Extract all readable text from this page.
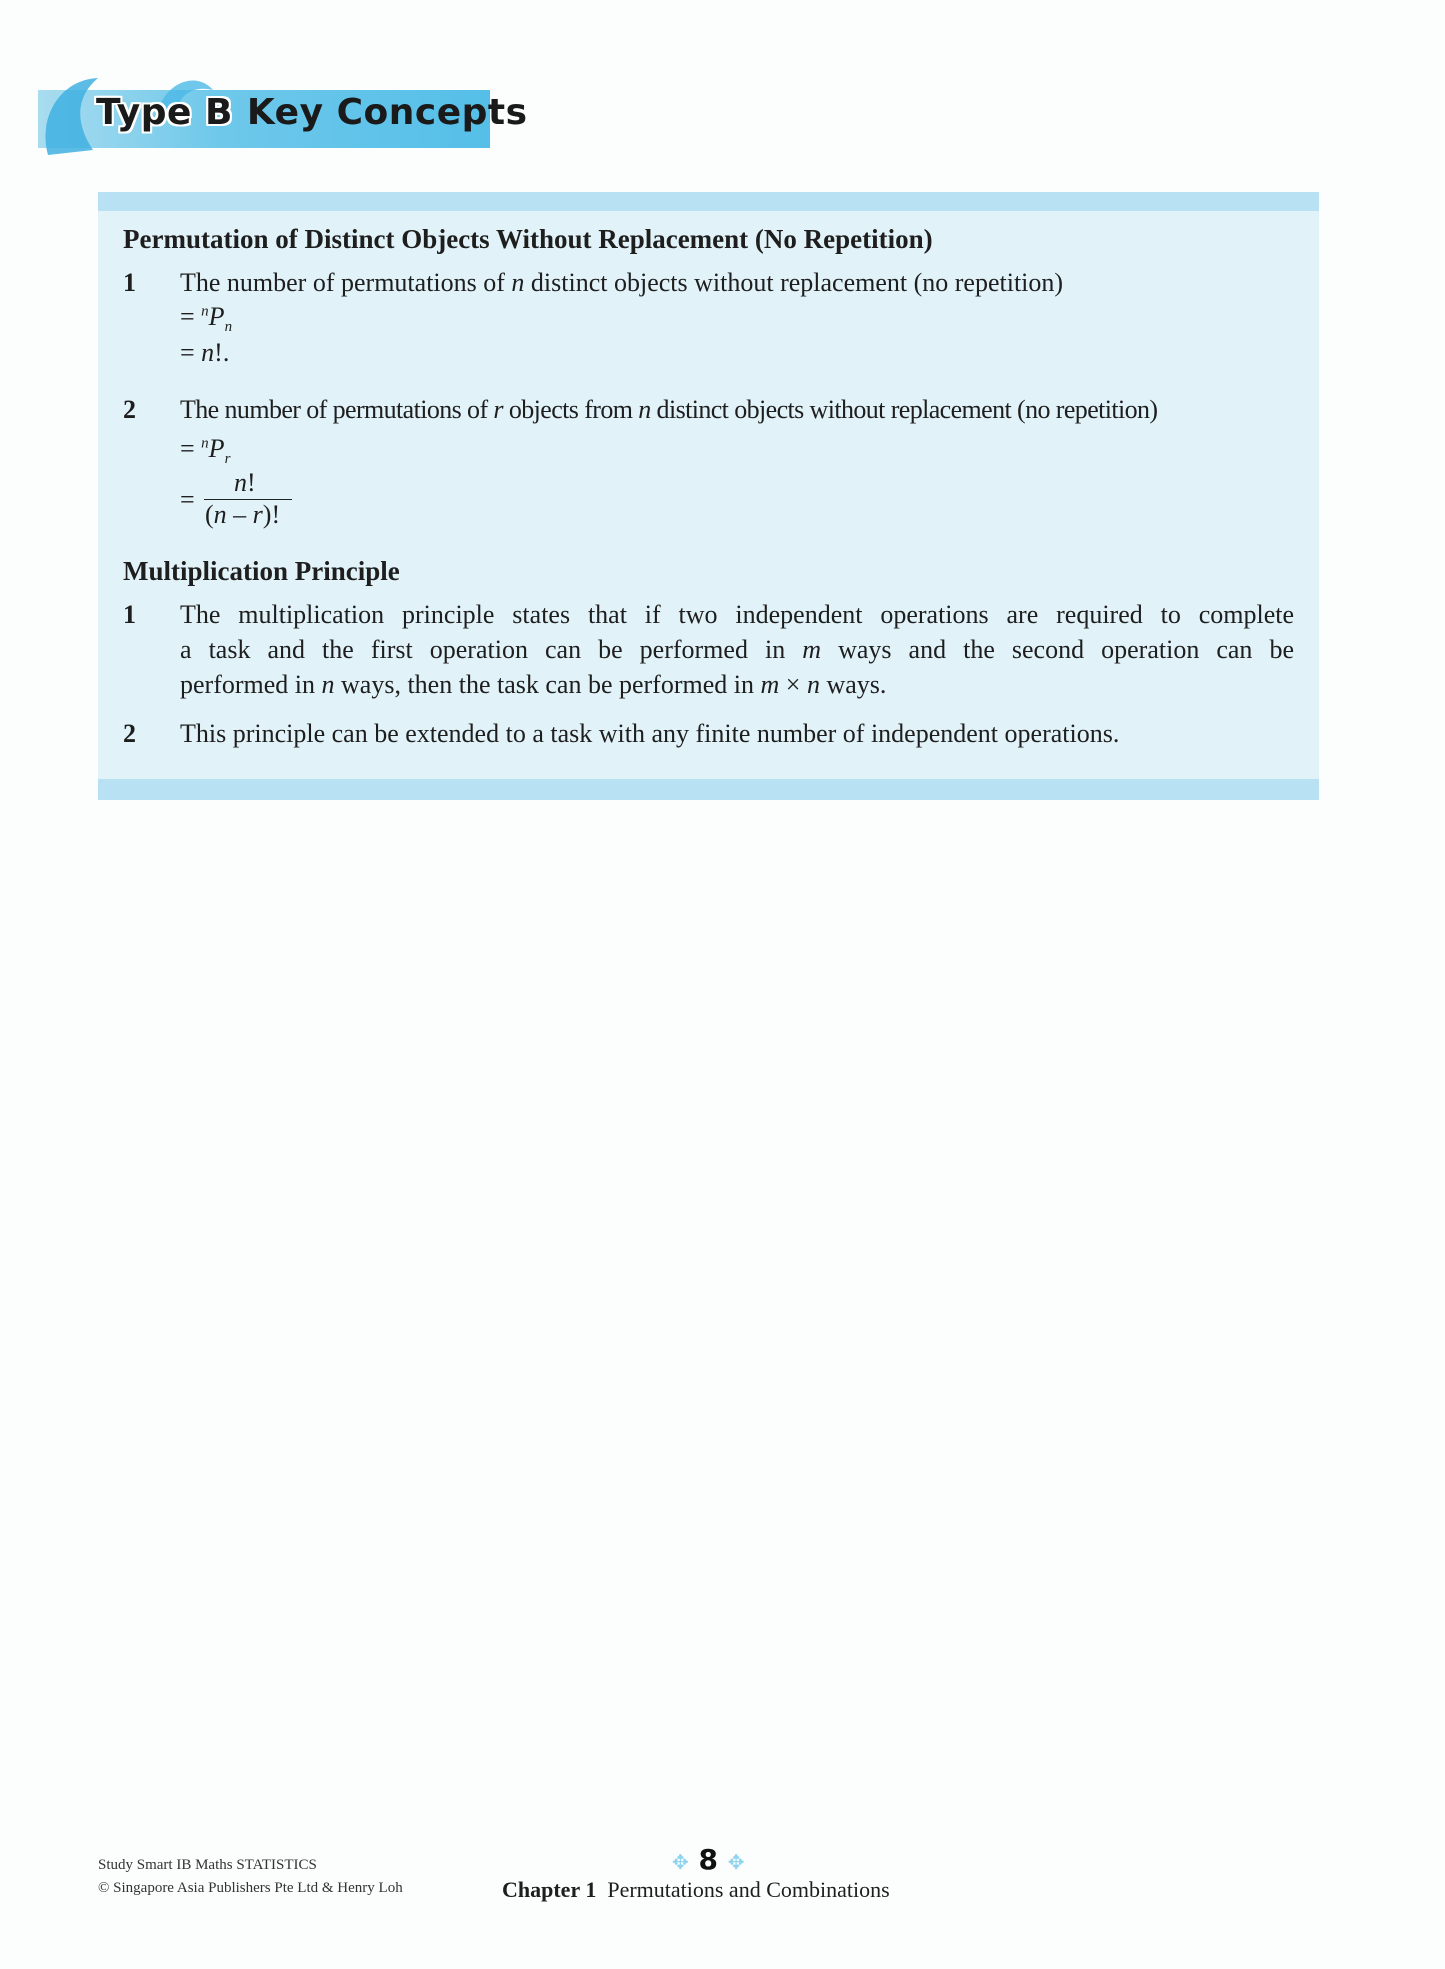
Type B Key Concepts
Permutation of Distinct Objects Without Replacement (No Repetition)
1 The number of permutations of n distinct objects without replacement (no repetition)
= $^nP_n$
= n!.
2 The number of permutations of r objects from n distinct objects without replacement (no repetition)
= $^nP_r$
=
n!
(n – r)!
Multiplication Principle
1 The multiplication principle states that if two independent operations are required to complete
a task and the first operation can be performed in m ways and the second operation can be
performed in n ways, then the task can be performed in m × n ways.
2 This principle can be extended to a task with any finite number of independent operations.
Study Smart IB Maths STATISTICS
© Singapore Asia Publishers Pte Ltd & Henry Loh
✥ 8 ✥
Chapter 1 Permutations and Combinations
